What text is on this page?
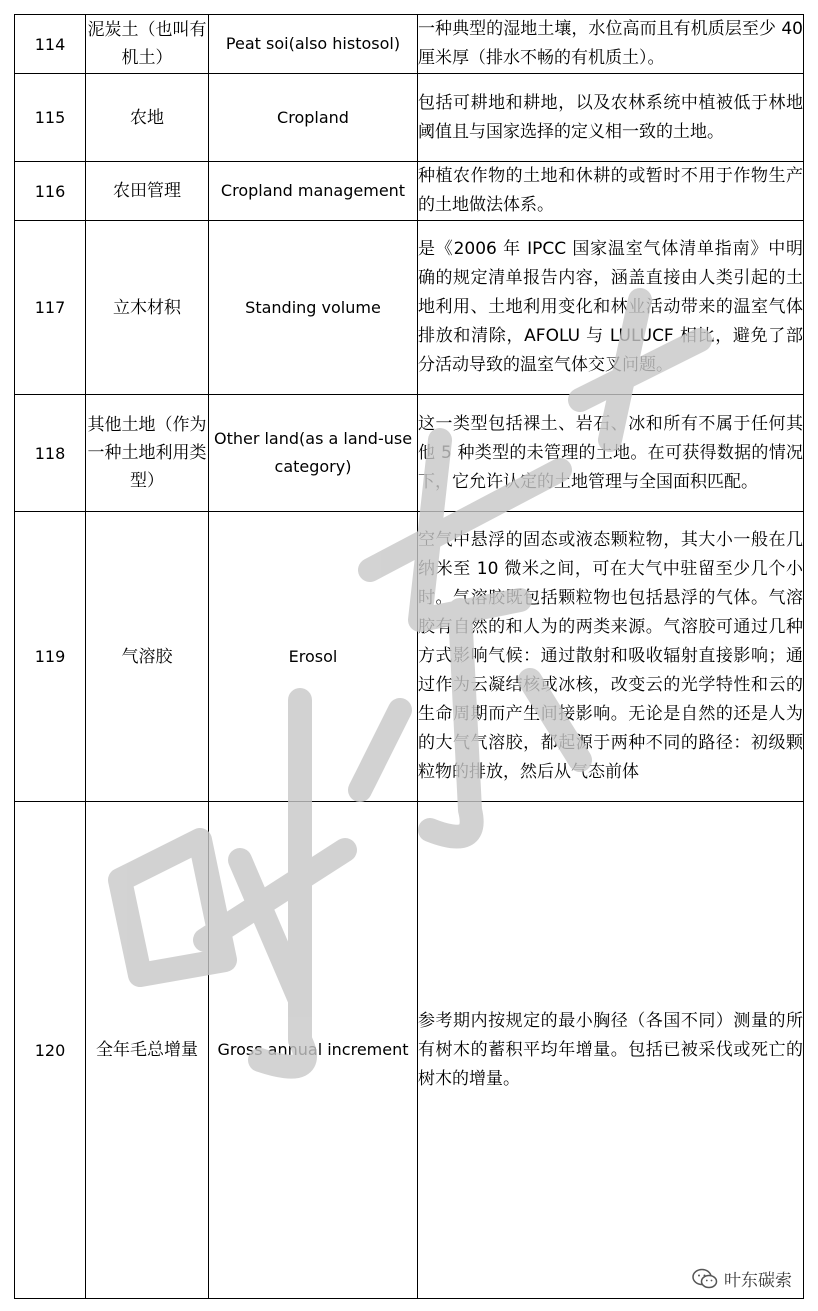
114	泥炭土（也叫有机土）	Peat soi(also histosol)	一种典型的湿地土壤，水位高而且有机质层至少 40 厘米厚（排水不畅的有机质土）。
115	农地	Cropland	包括可耕地和耕地，以及农林系统中植被低于林地阈值且与国家选择的定义相一致的土地。
116	农田管理	Cropland management	种植农作物的土地和休耕的或暂时不用于作物生产的土地做法体系。
117	立木材积	Standing volume	是《2006 年 IPCC 国家温室气体清单指南》中明确的规定清单报告内容，涵盖直接由人类引起的土地利用、土地利用变化和林业活动带来的温室气体排放和清除，AFOLU 与 LULUCF 相比，避免了部分活动导致的温室气体交叉问题。
118	其他土地（作为一种土地利用类型）	Other land(as a land-use category)	这一类型包括裸土、岩石、冰和所有不属于任何其他 5 种类型的未管理的土地。在可获得数据的情况下，它允许认定的土地管理与全国面积匹配。
119	气溶胶	Erosol	空气中悬浮的固态或液态颗粒物，其大小一般在几纳米至 10 微米之间，可在大气中驻留至少几个小时。气溶胶既包括颗粒物也包括悬浮的气体。气溶胶有自然的和人为的两类来源。气溶胶可通过几种方式影响气候：通过散射和吸收辐射直接影响；通过作为云凝结核或冰核，改变云的光学特性和云的生命周期而产生间接影响。无论是自然的还是人为的大气气溶胶，都起源于两种不同的路径：初级颗粒物的排放，然后从气态前体
120	全年毛总增量	Gross annual increment	参考期内按规定的最小胸径（各国不同）测量的所有树木的蓄积平均年增量。包括已被采伐或死亡的树木的增量。
叶东碳索
